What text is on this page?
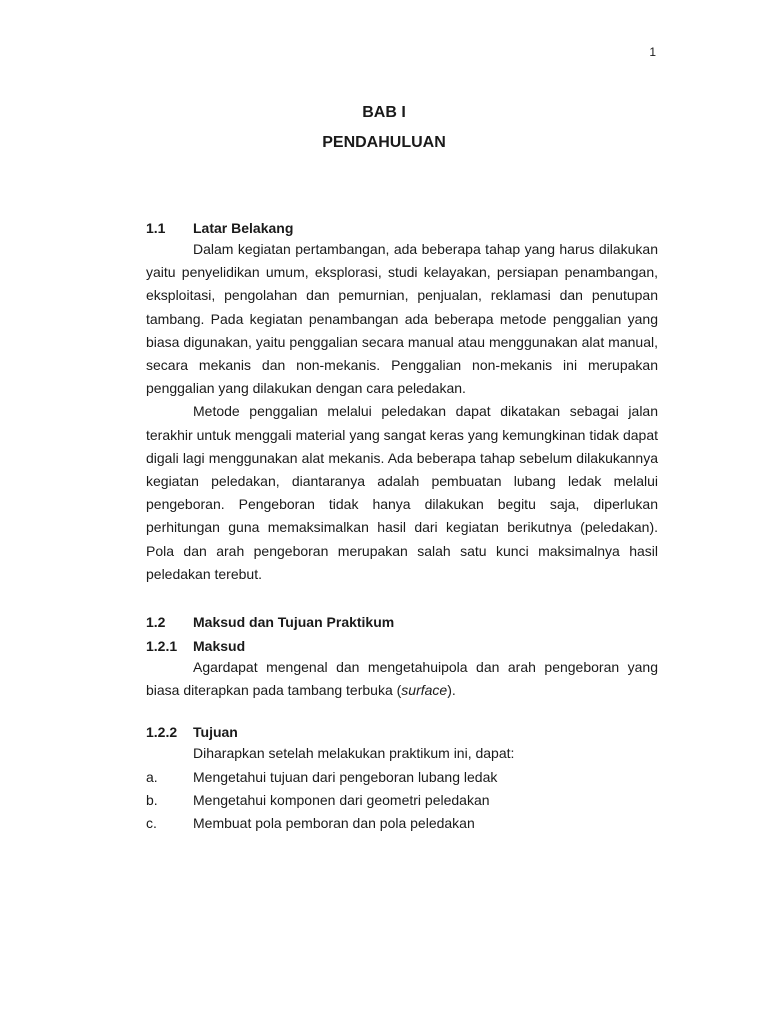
1
BAB I
PENDAHULUAN
1.1	Latar Belakang

Dalam kegiatan pertambangan, ada beberapa tahap yang harus dilakukan yaitu penyelidikan umum, eksplorasi, studi kelayakan, persiapan penambangan, eksploitasi, pengolahan dan pemurnian, penjualan, reklamasi dan penutupan tambang. Pada kegiatan penambangan ada beberapa metode penggalian yang biasa digunakan, yaitu penggalian secara manual atau menggunakan alat manual, secara mekanis dan non-mekanis. Penggalian non-mekanis ini merupakan penggalian yang dilakukan dengan cara peledakan.

Metode penggalian melalui peledakan dapat dikatakan sebagai jalan terakhir untuk menggali material yang sangat keras yang kemungkinan tidak dapat digali lagi menggunakan alat mekanis. Ada beberapa tahap sebelum dilakukannya kegiatan peledakan, diantaranya adalah pembuatan lubang ledak melalui pengeboran. Pengeboran tidak hanya dilakukan begitu saja, diperlukan perhitungan guna memaksimalkan hasil dari kegiatan berikutnya (peledakan). Pola dan arah pengeboran merupakan salah satu kunci maksimalnya hasil peledakan terebut.

1.2	Maksud dan Tujuan Praktikum
1.2.1	Maksud

Agardapat mengenal dan mengetahuipola dan arah pengeboran yang biasa diterapkan pada tambang terbuka (surface).

1.2.2	Tujuan

Diharapkan setelah melakukan praktikum ini, dapat:

a.	Mengetahui tujuan dari pengeboran lubang ledak
b.	Mengetahui komponen dari geometri peledakan
c.	Membuat pola pemboran dan pola peledakan
